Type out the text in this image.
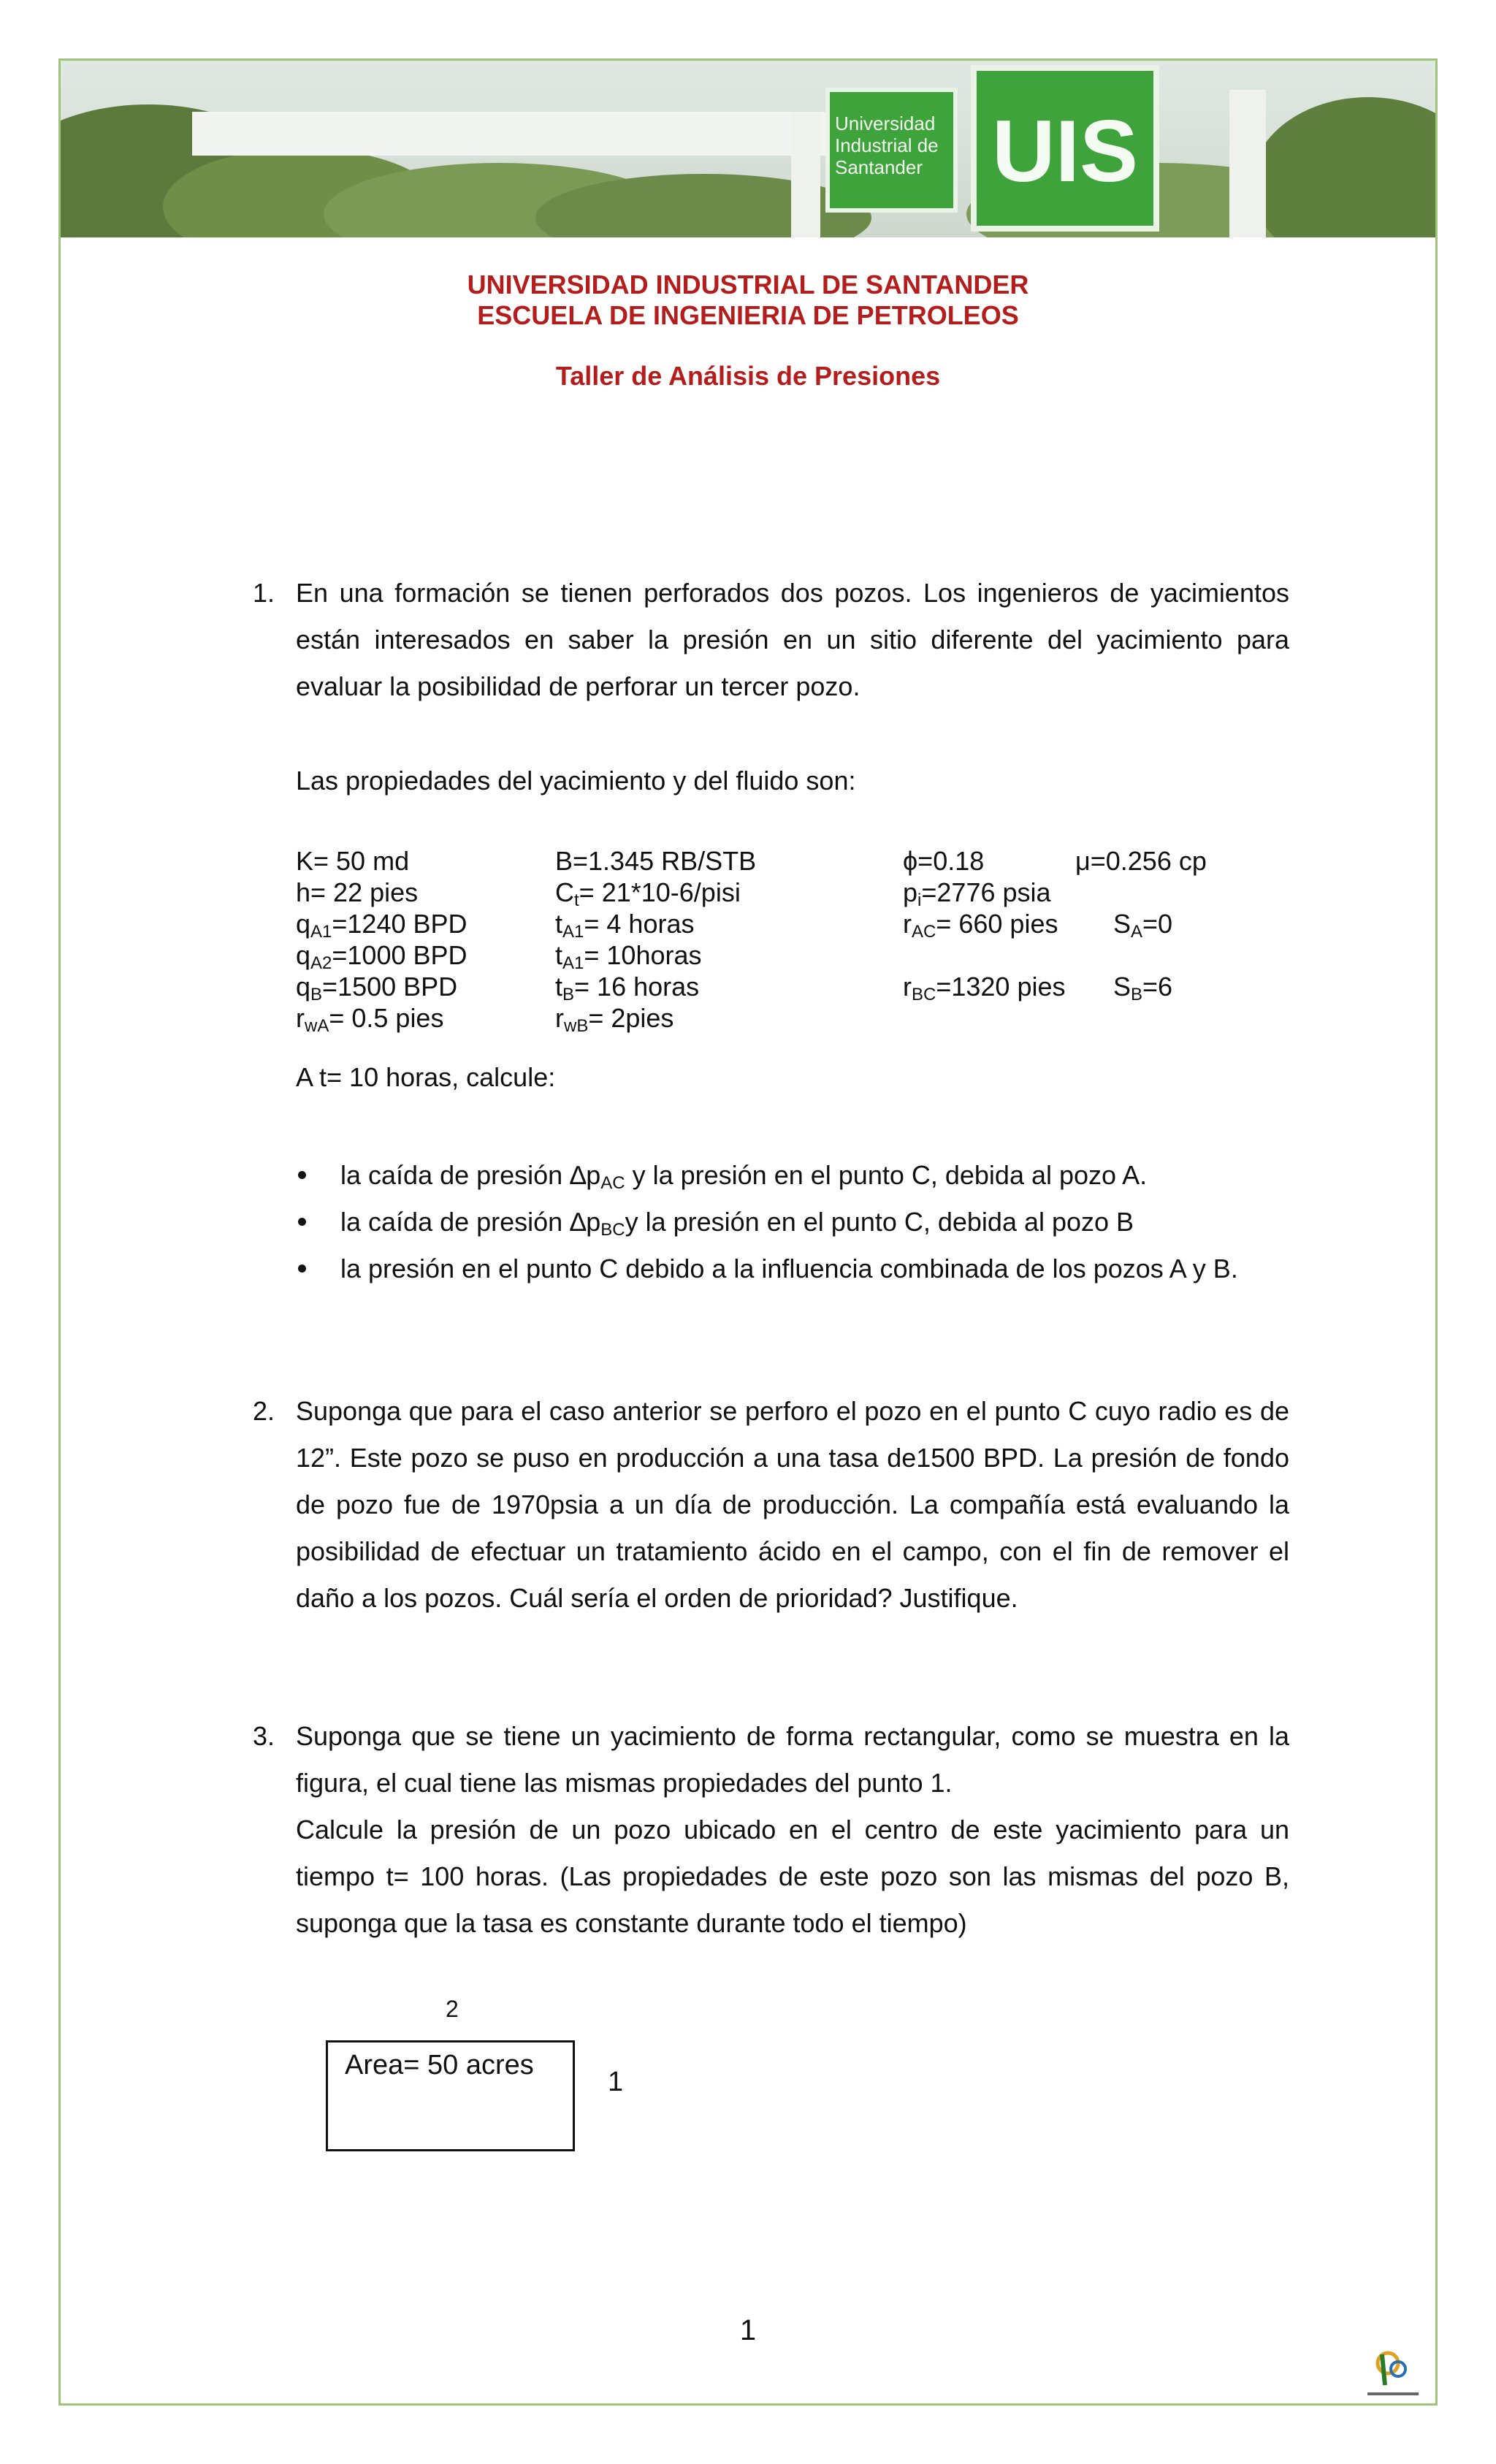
Universidad
Industrial de
Santander UIS
UNIVERSIDAD INDUSTRIAL DE SANTANDER
ESCUELA DE INGENIERIA DE PETROLEOS
Taller de Análisis de Presiones
1. En una formación se tienen perforados dos pozos. Los ingenieros de yacimientos están interesados en saber la presión en un sitio diferente del yacimiento para evaluar la posibilidad de perforar un tercer pozo.
Las propiedades del yacimiento y del fluido son:
K= 50 md
h= 22 pies
$q_{A1}=1240$ BPD
$q_{A2}=1000$ BPD
$q_B=1500$ BPD
$r_{wA}= 0.5$ pies
B=1.345 RB/STB
$C_t=$ 21*10-6/pisi
$t_{A1}= 4$ horas
$t_{A1}=$ 10horas
$t_B= 16$ horas
$r_{wB}=$ 2pies
ϕ=0.18	μ=0.256 cp
$p_i=2776$ psia
$r_{AC}= 660$ pies $S_A=0$
$r_{BC}=1320$ pies $S_B=6$
A t= 10 horas, calcule:
la caída de presión $\Delta p_{AC}$ y la presión en el punto C, debida al pozo A.
la caída de presión $\Delta p_{BC}y$ la presión en el punto C, debida al pozo B
la presión en el punto C debido a la influencia combinada de los pozos A y B.
2. Suponga que para el caso anterior se perforo el pozo en el punto C cuyo radio es de 12”. Este pozo se puso en producción a una tasa de1500 BPD. La presión de fondo de pozo fue de 1970psia a un día de producción. La compañía está evaluando la posibilidad de efectuar un tratamiento ácido en el campo, con el fin de remover el daño a los pozos. Cuál sería el orden de prioridad? Justifique.
3. Suponga que se tiene un yacimiento de forma rectangular, como se muestra en la figura, el cual tiene las mismas propiedades del punto 1.
Calcule la presión de un pozo ubicado en el centro de este yacimiento para un tiempo t= 100 horas. (Las propiedades de este pozo son las mismas del pozo B, suponga que la tasa es constante durante todo el tiempo)
2
Area= 50 acres
1
1
